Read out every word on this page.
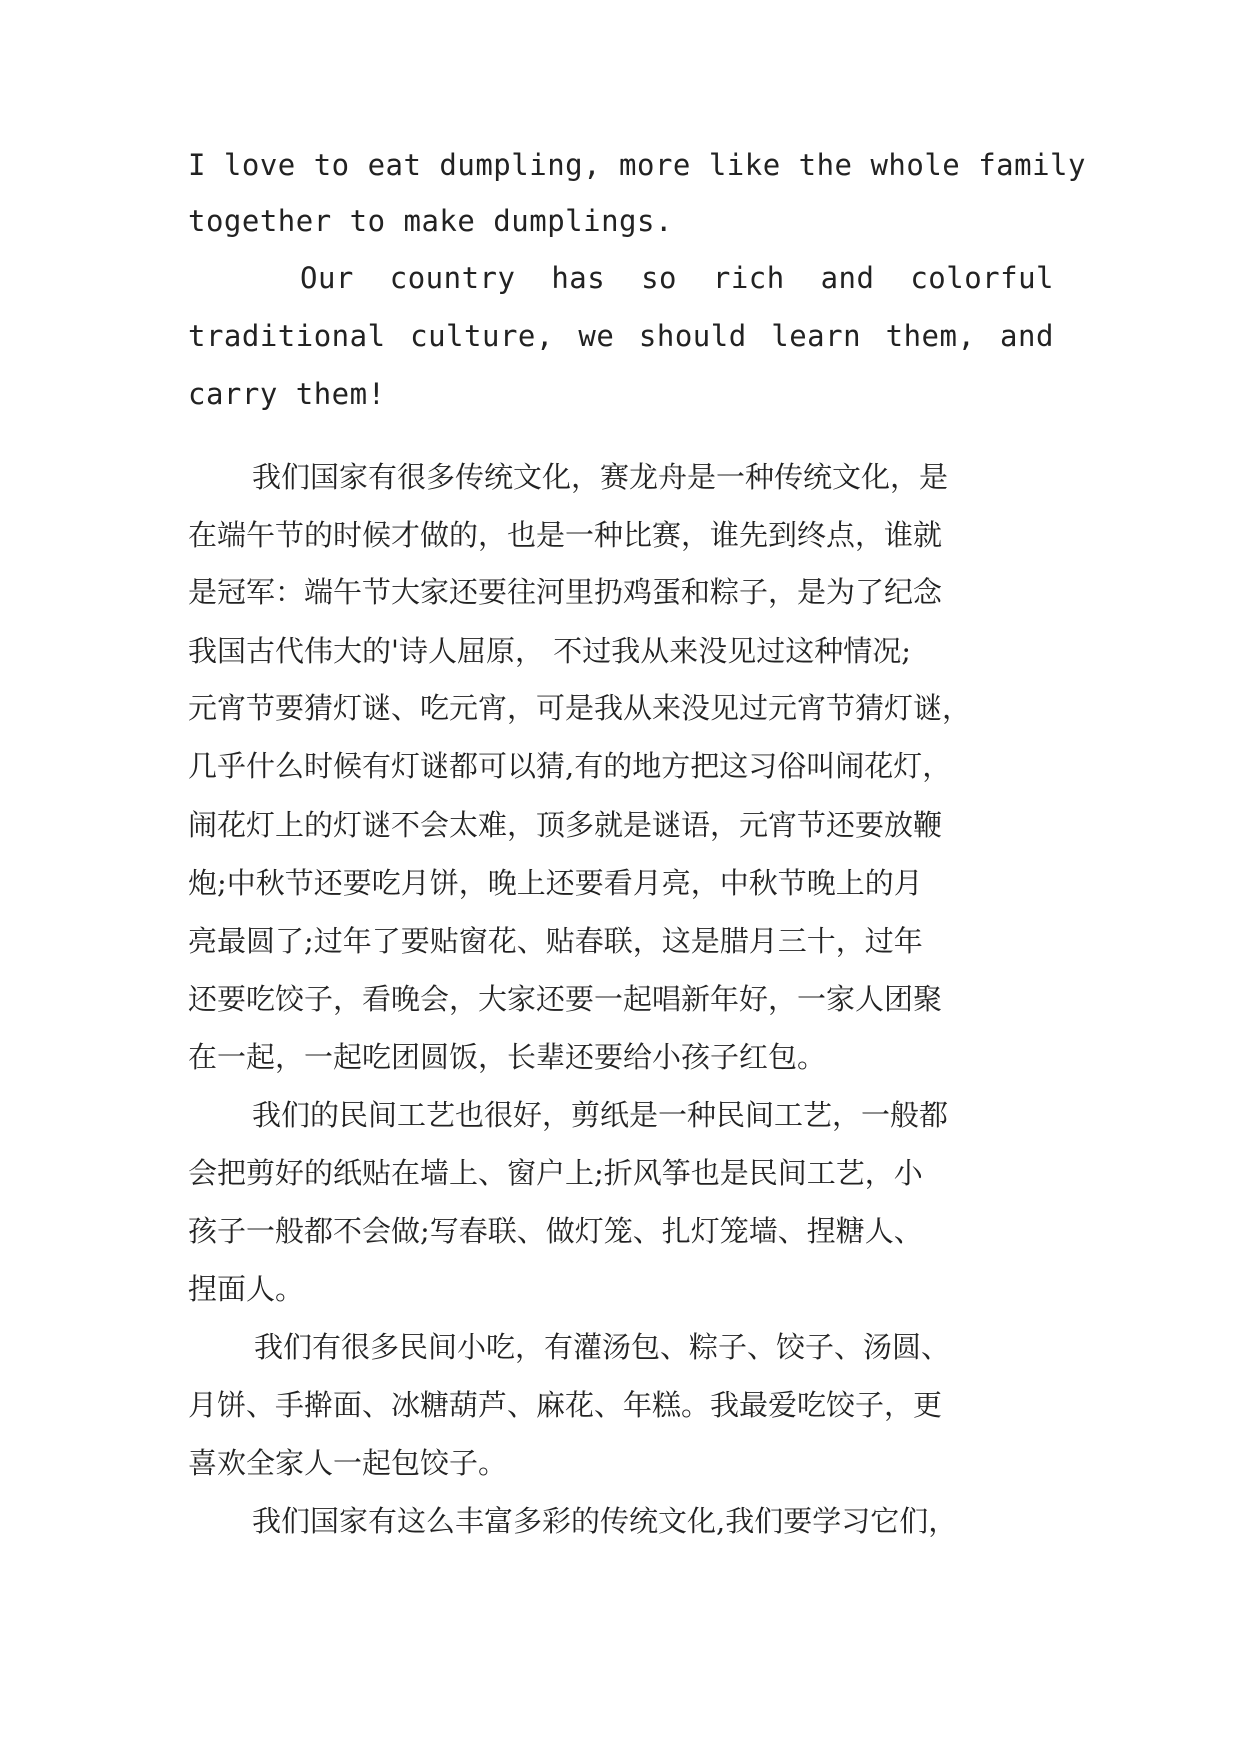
I love to eat dumpling, more like the whole family

together to make dumplings.

Our country has so rich and colorful
traditional culture, we should learn them, and

carry them!

我们国家有很多传统文化，赛龙舟是一种传统文化，是

在端午节的时候才做的，也是一种比赛，谁先到终点，谁就

是冠军：端午节大家还要往河里扔鸡蛋和粽子，是为了纪念

我国古代伟大的'诗人屈原， 不过我从来没见过这种情况;

元宵节要猜灯谜、吃元宵，可是我从来没见过元宵节猜灯谜，

几乎什么时候有灯谜都可以猜,有的地方把这习俗叫闹花灯，

闹花灯上的灯谜不会太难，顶多就是谜语，元宵节还要放鞭

炮;中秋节还要吃月饼，晚上还要看月亮，中秋节晚上的月

亮最圆了;过年了要贴窗花、贴春联，这是腊月三十，过年

还要吃饺子，看晚会，大家还要一起唱新年好，一家人团聚

在一起，一起吃团圆饭，长辈还要给小孩子红包。

我们的民间工艺也很好，剪纸是一种民间工艺，一般都

会把剪好的纸贴在墙上、窗户上;折风筝也是民间工艺，小

孩子一般都不会做;写春联、做灯笼、扎灯笼墙、捏糖人、

捏面人。

我们有很多民间小吃，有灌汤包、粽子、饺子、汤圆、

月饼、手擀面、冰糖葫芦、麻花、年糕。我最爱吃饺子，更

喜欢全家人一起包饺子。

我们国家有这么丰富多彩的传统文化,我们要学习它们，
